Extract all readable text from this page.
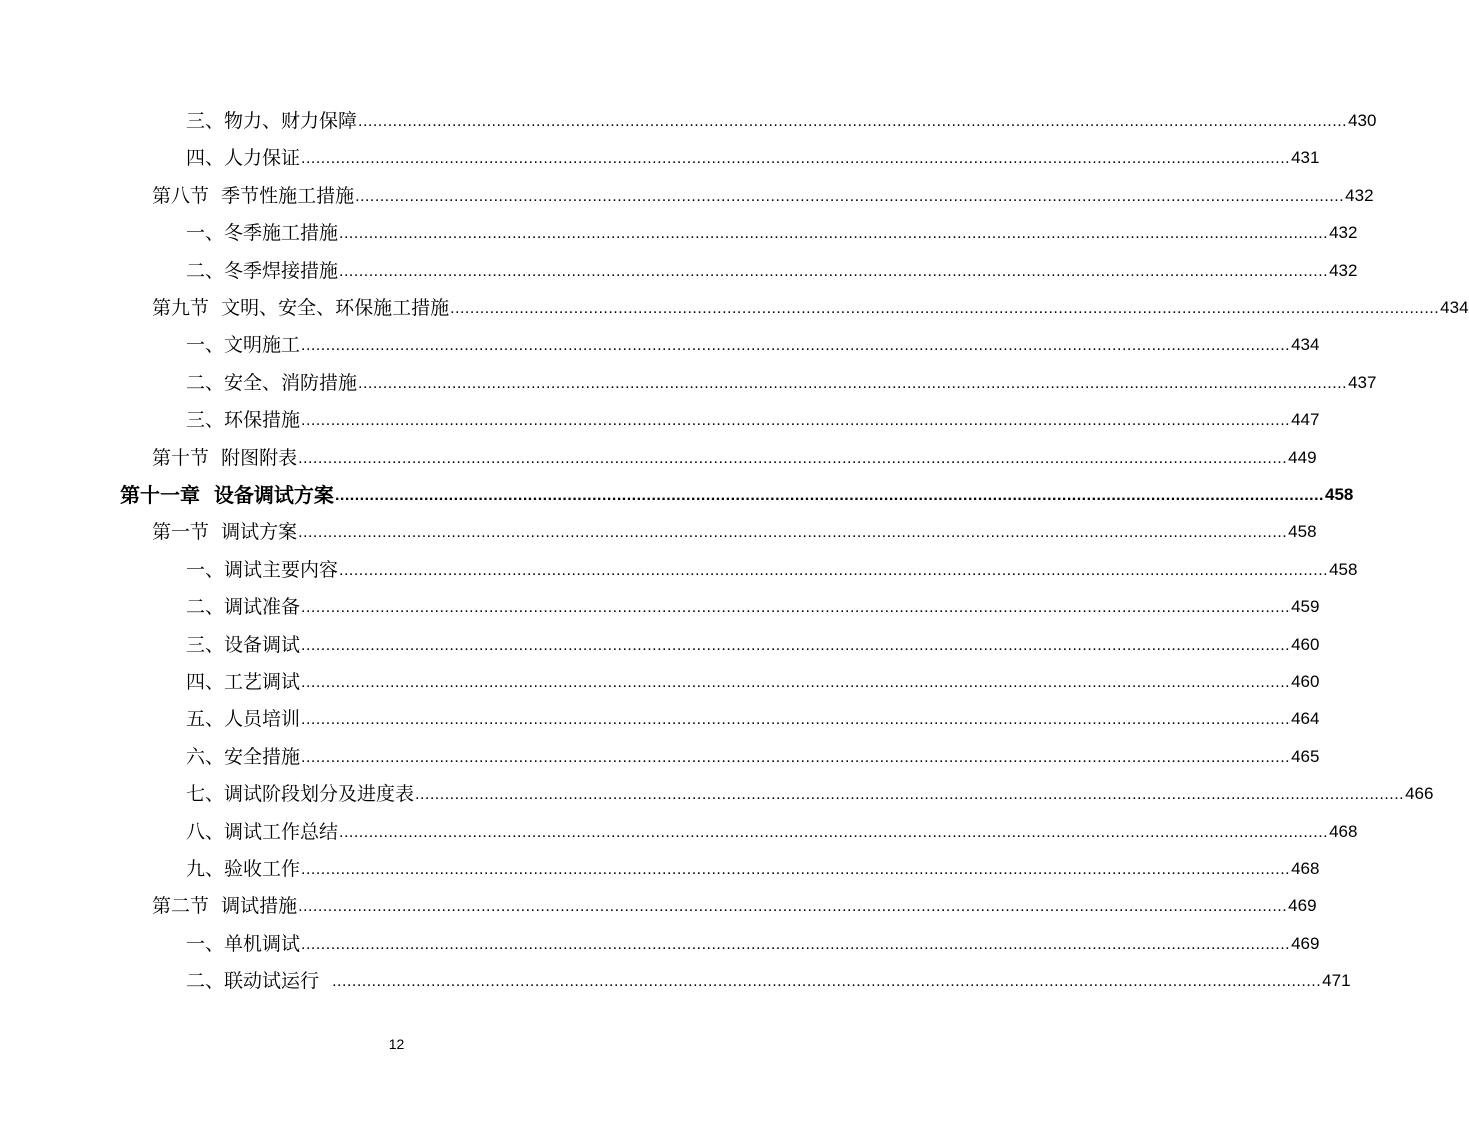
三、物力、财力保障 ........................................................................................................................................................................................................ 430
四、人力保证 ........................................................................................................................................................................................................ 431
第八节  季节性施工措施 ........................................................................................................................................................................................................ 432
一、冬季施工措施 ........................................................................................................................................................................................................ 432
二、冬季焊接措施 ........................................................................................................................................................................................................ 432
第九节  文明、安全、环保施工措施 ........................................................................................................................................................................................................ 434
一、文明施工 ........................................................................................................................................................................................................ 434
二、安全、消防措施 ........................................................................................................................................................................................................ 437
三、环保措施 ........................................................................................................................................................................................................ 447
第十节  附图附表 ........................................................................................................................................................................................................ 449
第十一章  设备调试方案 ........................................................................................................................................................................................................ 458
第一节  调试方案 ........................................................................................................................................................................................................ 458
一、调试主要内容 ........................................................................................................................................................................................................ 458
二、调试准备 ........................................................................................................................................................................................................ 459
三、设备调试 ........................................................................................................................................................................................................ 460
四、工艺调试 ........................................................................................................................................................................................................ 460
五、人员培训 ........................................................................................................................................................................................................ 464
六、安全措施 ........................................................................................................................................................................................................ 465
七、调试阶段划分及进度表 ........................................................................................................................................................................................................ 466
八、调试工作总结 ........................................................................................................................................................................................................ 468
九、验收工作 ........................................................................................................................................................................................................ 468
第二节  调试措施 ........................................................................................................................................................................................................ 469
一、单机调试 ........................................................................................................................................................................................................ 469
二、联动试运行 ........................................................................................................................................................................................................ 471
12
